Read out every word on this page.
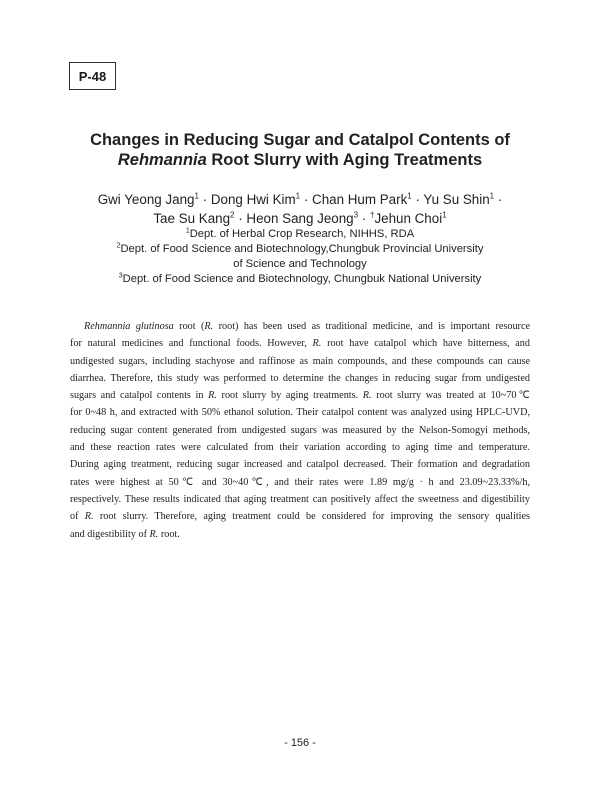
P-48
Changes in Reducing Sugar and Catalpol Contents of
Rehmannia Root Slurry with Aging Treatments
Gwi Yeong Jang$^1$ · Dong Hwi Kim$^1$ · Chan Hum Park$^1$ · Yu Su Shin$^1$ ·
Tae Su Kang$^2$ · Heon Sang Jeong$^3$ · †Jehun Choi$^1$
$^1$Dept. of Herbal Crop Research, NIHHS, RDA
$^2$Dept. of Food Science and Biotechnology,Chungbuk Provincial University
of Science and Technology
$^3$Dept. of Food Science and Biotechnology, Chungbuk National University
Rehmannia glutinosa root (R. root) has been used as traditional medicine, and is important resource
for natural medicines and functional foods. However, R. root have catalpol which have bitterness, and
undigested sugars, including stachyose and raffinose as main compounds, and these compounds can cause
diarrhea. Therefore, this study was performed to determine the changes in reducing sugar from undigested
sugars and catalpol contents in R. root slurry by aging treatments. R. root slurry was treated at 10~70℃
for 0~48 h, and extracted with 50% ethanol solution. Their catalpol content was analyzed using HPLC-UVD,
reducing sugar content generated from undigested sugars was measured by the Nelson-Somogyi methods,
and these reaction rates were calculated from their variation according to aging time and temperature.
During aging treatment, reducing sugar increased and catalpol decreased. Their formation and degradation
rates were highest at 50℃ and 30~40℃, and their rates were 1.89 mg/g · h and 23.09~23.33%/h,
respectively. These results indicated that aging treatment can positively affect the sweetness and digestibility
of R. root slurry. Therefore, aging treatment could be considered for improving the sensory qualities
and digestibility of R. root.
- 156 -
